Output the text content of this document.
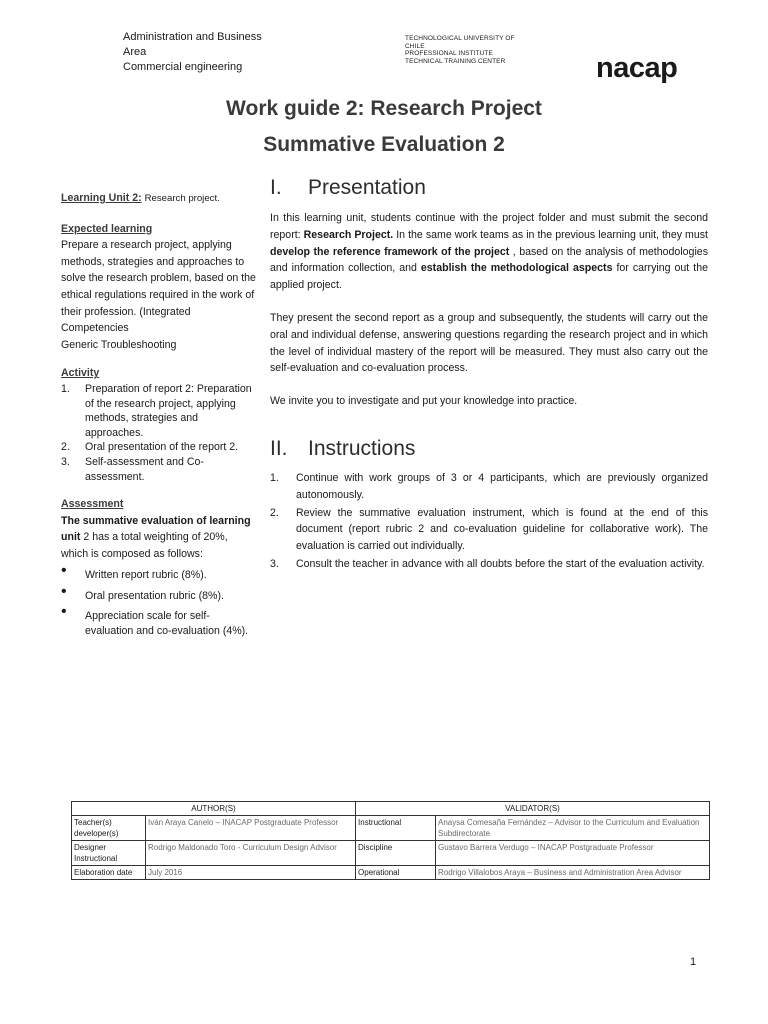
Administration and Business
Area
Commercial engineering
TECHNOLOGICAL UNIVERSITY OF
CHILE
PROFESSIONAL INSTITUTE
TECHNICAL TRAINING CENTER	nacap
Work guide 2: Research Project
Summative Evaluation 2

Learning Unit 2: Research project.

Expected learning

Prepare a research project, applying methods, strategies and approaches to solve the research problem, based on the ethical regulations required in the work of their profession. (Integrated Competencies

Generic Troubleshooting

Activity

1. Preparation of report 2: Preparation of the research project, applying methods, strategies and approaches.
2. Oral presentation of the report 2.
3. Self-assessment and Co-assessment.

Assessment

The summative evaluation of learning unit 2 has a total weighting of 20%, which is composed as follows:

• Written report rubric (8%).
• Oral presentation rubric (8%).
• Appreciation scale for self-evaluation and co-evaluation (4%).
I. Presentation

In this learning unit, students continue with the project folder and must submit the second report: Research Project. In the same work teams as in the previous learning unit, they must develop the reference framework of the project , based on the analysis of methodologies and information collection, and establish the methodological aspects for carrying out the applied project.

They present the second report as a group and subsequently, the students will carry out the oral and individual defense, answering questions regarding the research project and in which the level of individual mastery of the report will be measured. They must also carry out the self-evaluation and co-evaluation process.

We invite you to investigate and put your knowledge into practice.

II. Instructions
1. Continue with work groups of 3 or 4 participants, which are previously organized autonomously.
2. Review the summative evaluation instrument, which is found at the end of this document (report rubric 2 and co-evaluation guideline for collaborative work). The evaluation is carried out individually.
3. Consult the teacher in advance with all doubts before the start of the evaluation activity.
AUTHOR(S)		VALIDATOR(S)	
Teacher(s) developer(s)	Iván Araya Canelo – INACAP Postgraduate Professor	Instructional	Anaysa Comesaña Fernández – Advisor to the Curriculum and Evaluation Subdirectorate
Designer Instructional	Rodrigo Maldonado Toro - Curriculum Design Advisor	Discipline	Gustavo Barrera Verdugo – INACAP Postgraduate Professor
Elaboration date	July 2016	Operational	Rodrigo Villalobos Araya – Business and Administration Area Advisor
1
